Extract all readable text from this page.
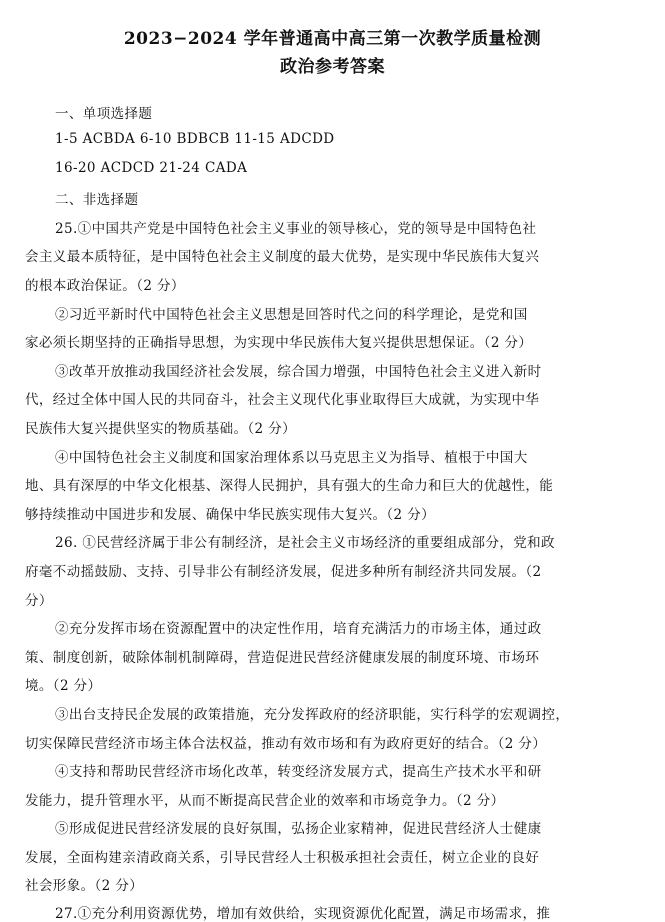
2023−2024 学年普通高中高三第一次教学质量检测
政治参考答案
一、单项选择题
1-5 ACBDA 6-10 BDBCB 11-15 ADCDD
16-20 ACDCD 21-24 CADA
二、非选择题
25.①中国共产党是中国特色社会主义事业的领导核心，党的领导是中国特色社
会主义最本质特征，是中国特色社会主义制度的最大优势，是实现中华民族伟大复兴
的根本政治保证。（2 分）
②习近平新时代中国特色社会主义思想是回答时代之问的科学理论，是党和国
家必须长期坚持的正确指导思想，为实现中华民族伟大复兴提供思想保证。（2 分）
③改革开放推动我国经济社会发展，综合国力增强，中国特色社会主义进入新时
代，经过全体中国人民的共同奋斗，社会主义现代化事业取得巨大成就，为实现中华
民族伟大复兴提供坚实的物质基础。（2 分）
④中国特色社会主义制度和国家治理体系以马克思主义为指导、植根于中国大
地、具有深厚的中华文化根基、深得人民拥护，具有强大的生命力和巨大的优越性，能
够持续推动中国进步和发展、确保中华民族实现伟大复兴。（2 分）
26. ①民营经济属于非公有制经济，是社会主义市场经济的重要组成部分，党和政
府毫不动摇鼓励、支持、引导非公有制经济发展，促进多种所有制经济共同发展。（2
分）
②充分发挥市场在资源配置中的决定性作用，培育充满活力的市场主体，通过政
策、制度创新，破除体制机制障碍，营造促进民营经济健康发展的制度环境、市场环
境。（2 分）
③出台支持民企发展的政策措施，充分发挥政府的经济职能，实行科学的宏观调控，
切实保障民营经济市场主体合法权益，推动有效市场和有为政府更好的结合。（2 分）
④支持和帮助民营经济市场化改革，转变经济发展方式，提高生产技术水平和研
发能力，提升管理水平，从而不断提高民营企业的效率和市场竞争力。（2 分）
⑤形成促进民营经济发展的良好氛围，弘扬企业家精神，促进民营经济人士健康
发展，全面构建亲清政商关系，引导民营经人士积极承担社会责任，树立企业的良好
社会形象。（2 分）
27.①充分利用资源优势，增加有效供给，实现资源优化配置，满足市场需求，推
